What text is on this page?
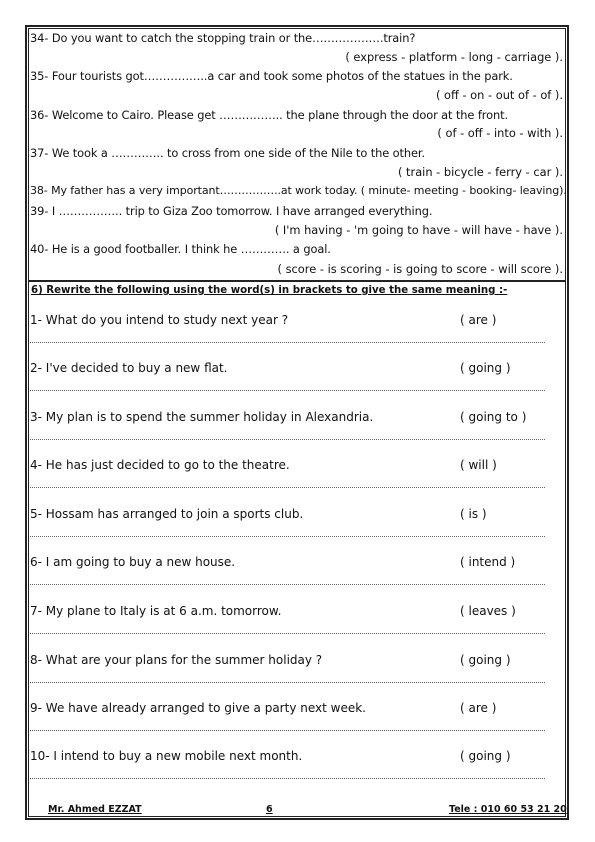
34- Do you want to catch the stopping train or the……………….train?
( express - platform - long - carriage ).
35- Four tourists got……………..a car and took some photos of the statues in the park.
( off - on - out of - of ).
36- Welcome to Cairo. Please get …………….. the plane through the door at the front.
( of - off - into - with ).
37- We took a ………….. to cross from one side of the Nile to the other.
( train - bicycle - ferry - car ).
38- My father has a very important……………..at work today. ( minute- meeting - booking- leaving).
39- I …………….. trip to Giza Zoo tomorrow. I have arranged everything.
( I'm having - 'm going to have - will have - have ).
40- He is a good footballer. I think he …………. a goal.
( score - is scoring - is going to score - will score ).
6) Rewrite the following using the word(s) in brackets to give the same meaning :-
1- What do you intend to study next year ?	( are )
2- I've decided to buy a new flat.	( going )
3- My plan is to spend the summer holiday in Alexandria.	( going to )
4- He has just decided to go to the theatre.	( will )
5- Hossam has arranged to join a sports club.	( is )
6- I am going to buy a new house.	( intend )
7- My plane to Italy is at 6 a.m. tomorrow.	( leaves )
8- What are your plans for the summer holiday ?	( going )
9- We have already arranged to give a party next week.	( are )
10- I intend to buy a new mobile next month.	( going )
Mr. Ahmed EZZAT	6	Tele : 010 60 53 21 20
